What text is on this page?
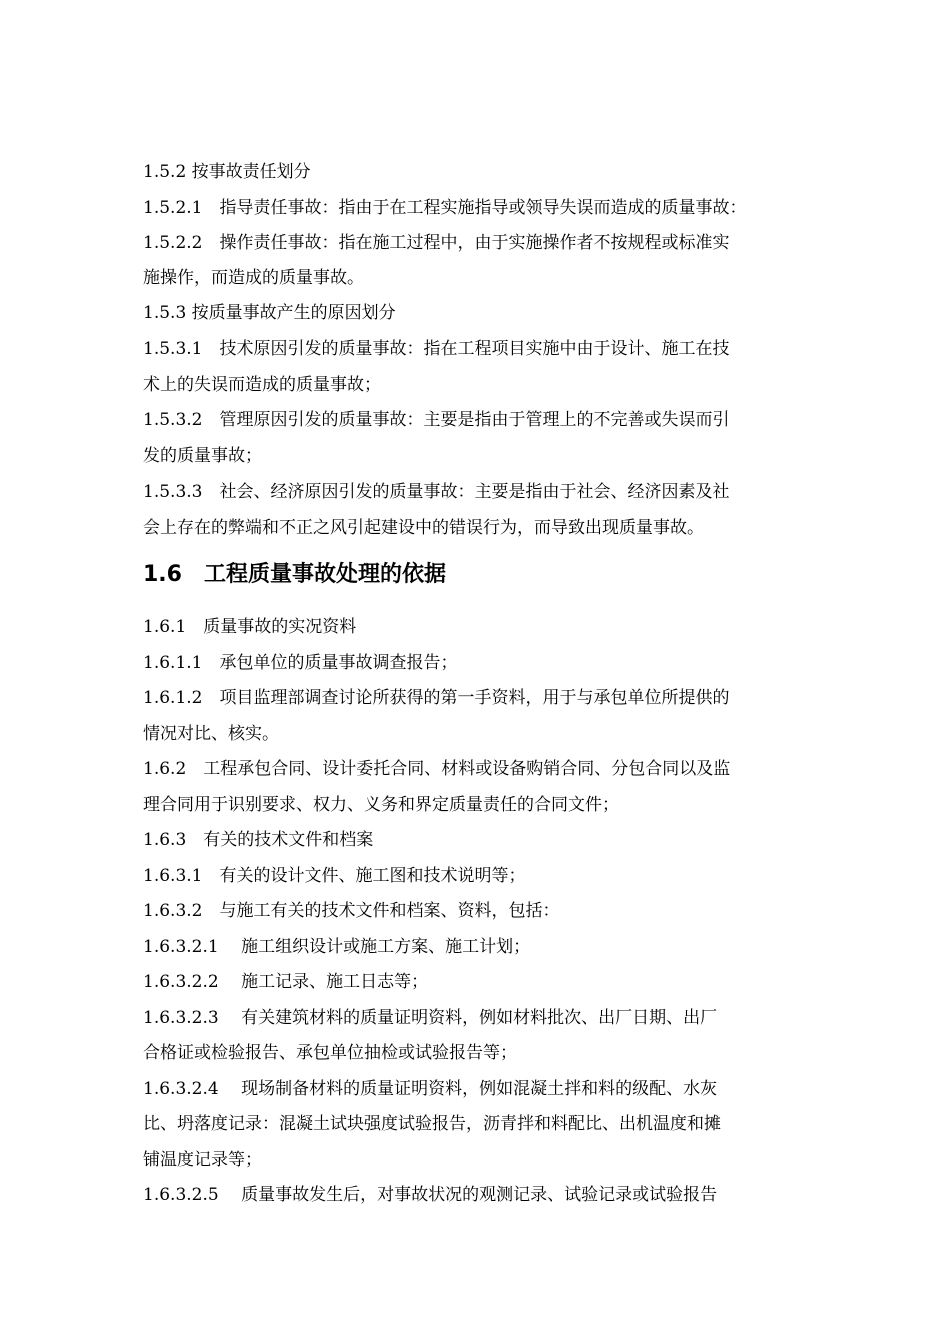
1.6　工程质量事故处理的依据
1.5.2 按事故责任划分
1.5.2.1　指导责任事故：指由于在工程实施指导或领导失误而造成的质量事故：
1.5.2.2　操作责任事故：指在施工过程中，由于实施操作者不按规程或标准实
施操作，而造成的质量事故。
1.5.3 按质量事故产生的原因划分
1.5.3.1　技术原因引发的质量事故：指在工程项目实施中由于设计、施工在技
术上的失误而造成的质量事故；
1.5.3.2　管理原因引发的质量事故：主要是指由于管理上的不完善或失误而引
发的质量事故；
1.5.3.3　社会、经济原因引发的质量事故：主要是指由于社会、经济因素及社
会上存在的弊端和不正之风引起建设中的错误行为，而导致出现质量事故。
1.6.1　质量事故的实况资料
1.6.1.1　承包单位的质量事故调查报告；
1.6.1.2　项目监理部调查讨论所获得的第一手资料，用于与承包单位所提供的
情况对比、核实。
1.6.2　工程承包合同、设计委托合同、材料或设备购销合同、分包合同以及监
理合同用于识别要求、权力、义务和界定质量责任的合同文件；
1.6.3　有关的技术文件和档案
1.6.3.1　有关的设计文件、施工图和技术说明等；
1.6.3.2　与施工有关的技术文件和档案、资料，包括：
1.6.3.2.1　 施工组织设计或施工方案、施工计划；
1.6.3.2.2　 施工记录、施工日志等；
1.6.3.2.3　 有关建筑材料的质量证明资料，例如材料批次、出厂日期、出厂
合格证或检验报告、承包单位抽检或试验报告等；
1.6.3.2.4　 现场制备材料的质量证明资料，例如混凝土拌和料的级配、水灰
比、坍落度记录：混凝土试块强度试验报告，沥青拌和料配比、出机温度和摊
铺温度记录等；
1.6.3.2.5　 质量事故发生后，对事故状况的观测记录、试验记录或试验报告
